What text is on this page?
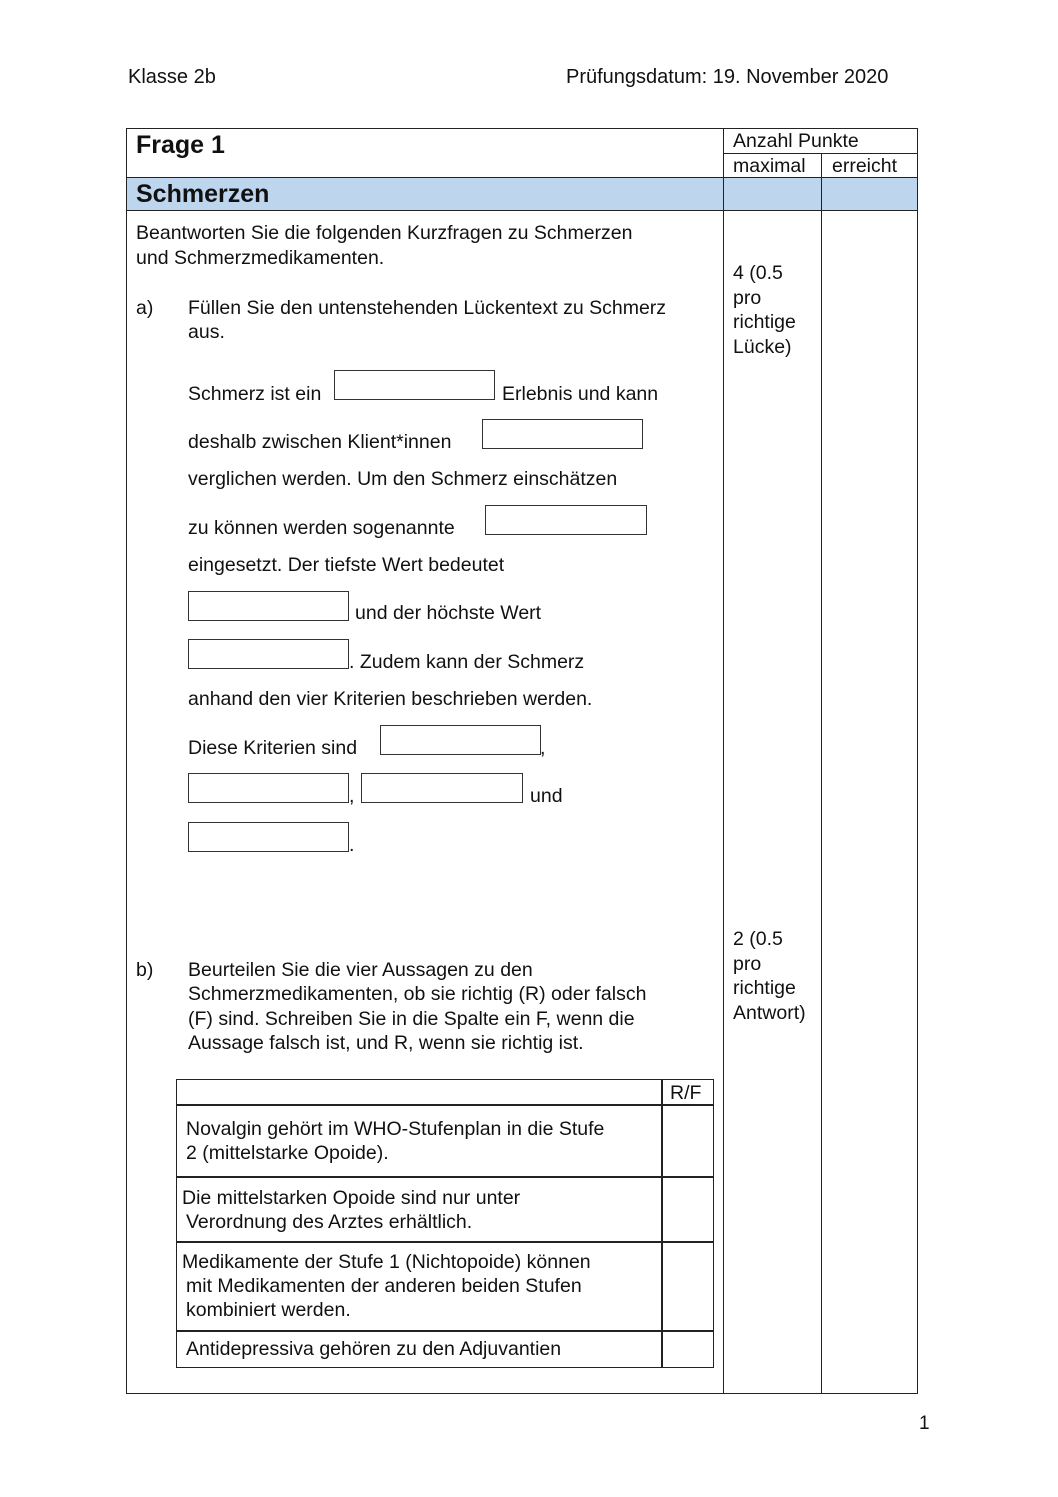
Klasse 2b	Prüfungsdatum: 19. November 2020
Frage 1
Schmerzen
Anzahl Punkte
maximal erreicht
Beantworten Sie die folgenden Kurzfragen zu Schmerzen
und Schmerzmedikamenten.
a) Füllen Sie den untenstehenden Lückentext zu Schmerz
aus.
4 (0.5
pro
richtige
Lücke)
Schmerz ist ein	Erlebnis und kann
deshalb zwischen Klient*innen
verglichen werden. Um den Schmerz einschätzen
zu können werden sogenannte
eingesetzt. Der tiefste Wert bedeutet
und der höchste Wert
. Zudem kann der Schmerz
anhand den vier Kriterien beschrieben werden.
Diese Kriterien sind	,
,	und
.
2 (0.5
pro
richtige
Antwort)
b) Beurteilen Sie die vier Aussagen zu den
Schmerzmedikamenten, ob sie richtig (R) oder falsch
(F) sind. Schreiben Sie in die Spalte ein F, wenn die
Aussage falsch ist, und R, wenn sie richtig ist.
R/F
Novalgin gehört im WHO-Stufenplan in die Stufe
2 (mittelstarke Opoide).
Die mittelstarken Opoide sind nur unter
Verordnung des Arztes erhältlich.
Medikamente der Stufe 1 (Nichtopoide) können
mit Medikamenten der anderen beiden Stufen
kombiniert werden.
Antidepressiva gehören zu den Adjuvantien
1
